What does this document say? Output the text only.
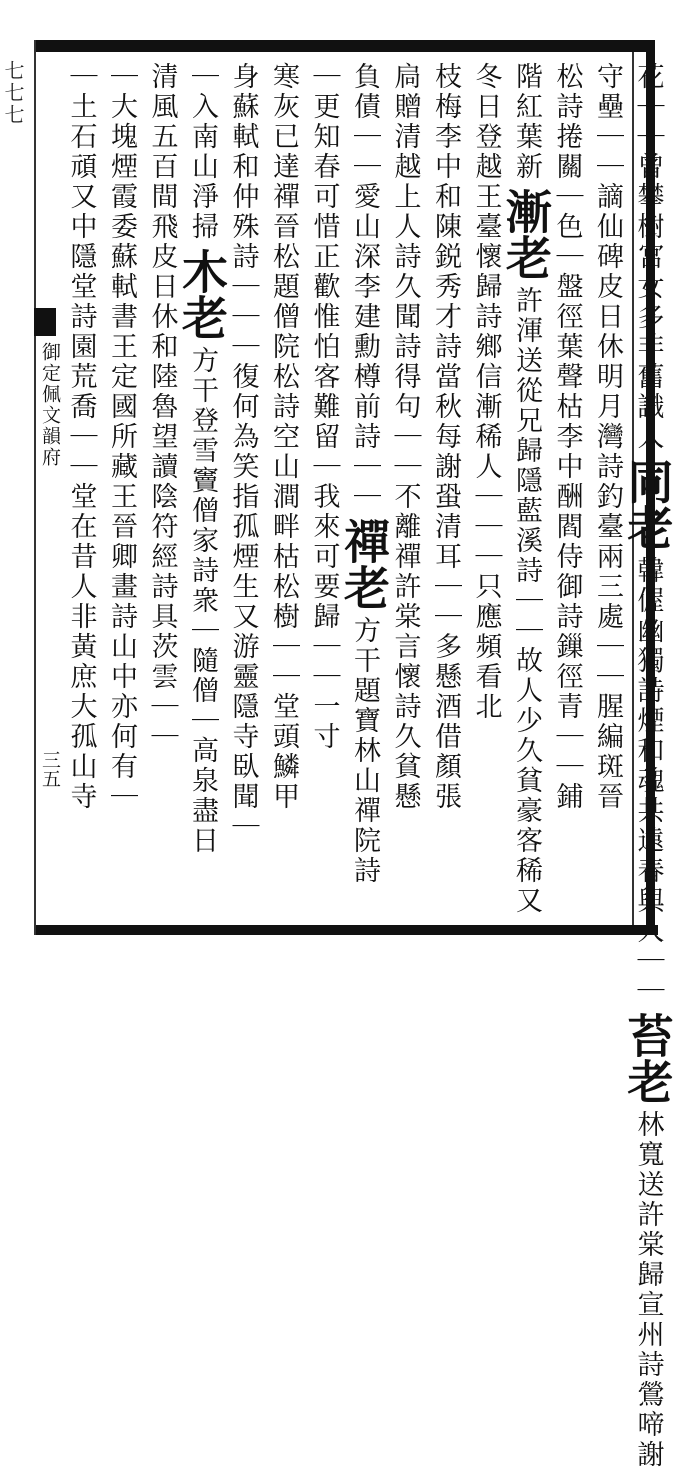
七七七
御定佩文韻府
三五
花｜｜曾攀樹宮女多非舊識人同老韓偓幽獨詩煙和魂共遠春與人｜｜苔老林寬送許棠歸宣州詩鶯啼謝
守壘｜｜謫仙碑皮日休明月灣詩釣臺兩三處｜｜腥編斑晉
松詩捲關｜色｜盤徑葉聲枯李中酬閻侍御詩鏁徑青｜｜鋪
階紅葉新漸老許渾送從兄歸隱藍溪詩｜｜故人少久貧豪客稀又
冬日登越王臺懷歸詩鄉信漸稀人｜｜｜只應頻看北
枝梅李中和陳鋭秀才詩當秋每謝蛩清耳｜｜多懸酒借顏張
扃贈清越上人詩久聞詩得句｜｜不離禪許棠言懷詩久貧懸
負債｜｜愛山深李建勳樽前詩｜｜禪老方干題寶林山禪院詩
｜更知春可惜正歡惟怕客難留｜我來可要歸｜｜一寸
寒灰已達禪晉松題僧院松詩空山澗畔枯松樹｜｜堂頭鱗甲
身蘇軾和仲殊詩｜｜｜復何為笑指孤煙生又游靈隱寺臥聞｜
｜入南山淨掃木老方干登雪竇僧家詩衆｜隨僧｜高泉盡日
清風五百間飛皮日休和陸魯望讀陰符經詩具茨雲｜｜
｜大塊煙霞委蘇軾書王定國所藏王晉卿畫詩山中亦何有｜
｜土石頑又中隱堂詩園荒喬｜｜堂在昔人非黃庶大孤山寺
